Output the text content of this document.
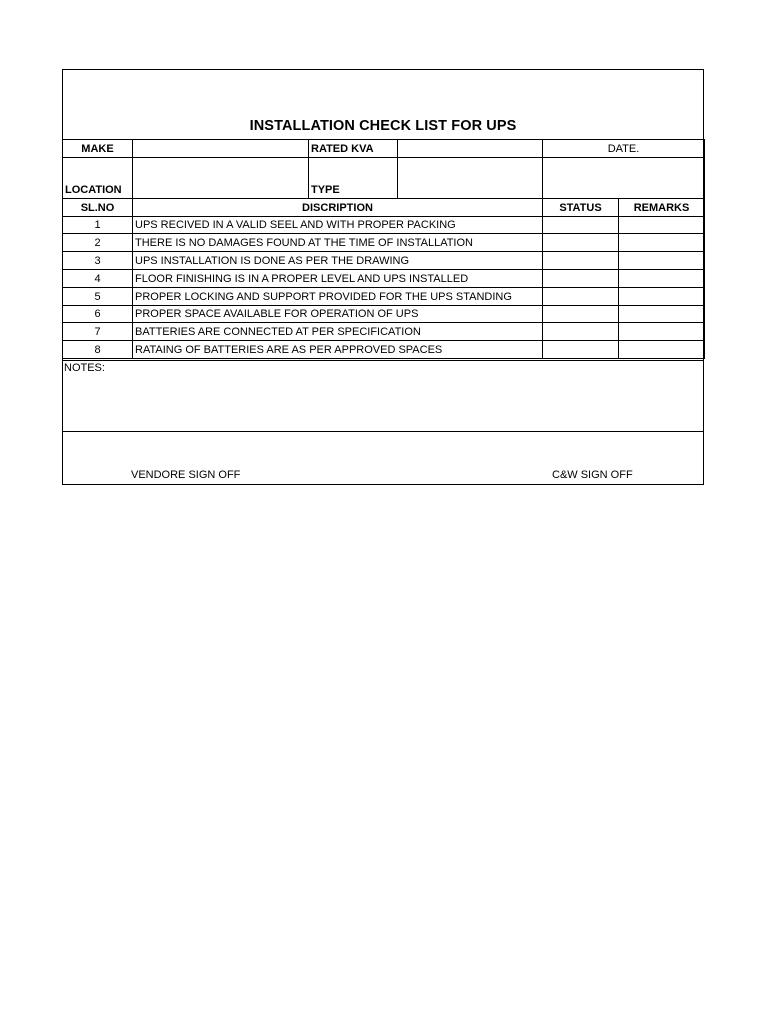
INSTALLATION CHECK LIST FOR UPS
MAKE		RATED KVA		DATE.	
LOCATION		TYPE			
SL.NO	DISCRIPTION			STATUS	REMARKS
1	UPS RECIVED IN A VALID SEEL AND WITH PROPER PACKING				
2	THERE IS NO DAMAGES FOUND AT THE TIME OF INSTALLATION				
3	UPS INSTALLATION IS DONE AS PER THE DRAWING				
4	FLOOR FINISHING IS IN A PROPER LEVEL AND UPS INSTALLED				
5	PROPER LOCKING AND SUPPORT PROVIDED FOR THE UPS STANDING				
6	PROPER SPACE AVAILABLE FOR OPERATION OF UPS				
7	BATTERIES ARE CONNECTED AT PER SPECIFICATION				
8	RATAING OF BATTERIES ARE AS PER APPROVED SPACES				
NOTES:
VENDORE SIGN OFF	C&W SIGN OFF
